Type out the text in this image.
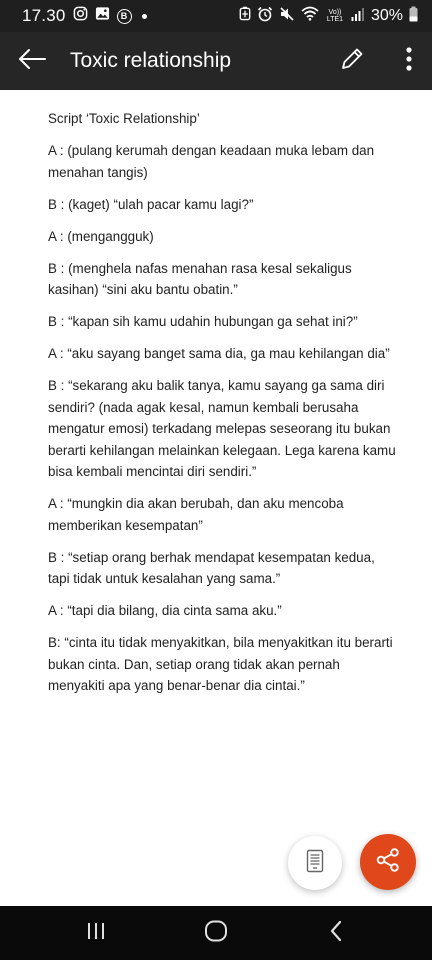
17.30	B	Vo)) LTE1 30%
Toxic relationship

Script ‘Toxic Relationship’

A : (pulang kerumah dengan keadaan muka lebam dan menahan tangis)

B : (kaget) “ulah pacar kamu lagi?”

A : (mengangguk)

B : (menghela nafas menahan rasa kesal sekaligus kasihan) “sini aku bantu obatin.”

B : “kapan sih kamu udahin hubungan ga sehat ini?”

A : “aku sayang banget sama dia, ga mau kehilangan dia”

B : “sekarang aku balik tanya, kamu sayang ga sama diri sendiri? (nada agak kesal, namun kembali berusaha mengatur emosi) terkadang melepas seseorang itu bukan berarti kehilangan melainkan kelegaan. Lega karena kamu bisa kembali mencintai diri sendiri.”

A : “mungkin dia akan berubah, dan aku mencoba memberikan kesempatan”

B : “setiap orang berhak mendapat kesempatan kedua, tapi tidak untuk kesalahan yang sama.”

A : “tapi dia bilang, dia cinta sama aku.”

B: “cinta itu tidak menyakitkan, bila menyakitkan itu berarti bukan cinta. Dan, setiap orang tidak akan pernah menyakiti apa yang benar-benar dia cintai.”
